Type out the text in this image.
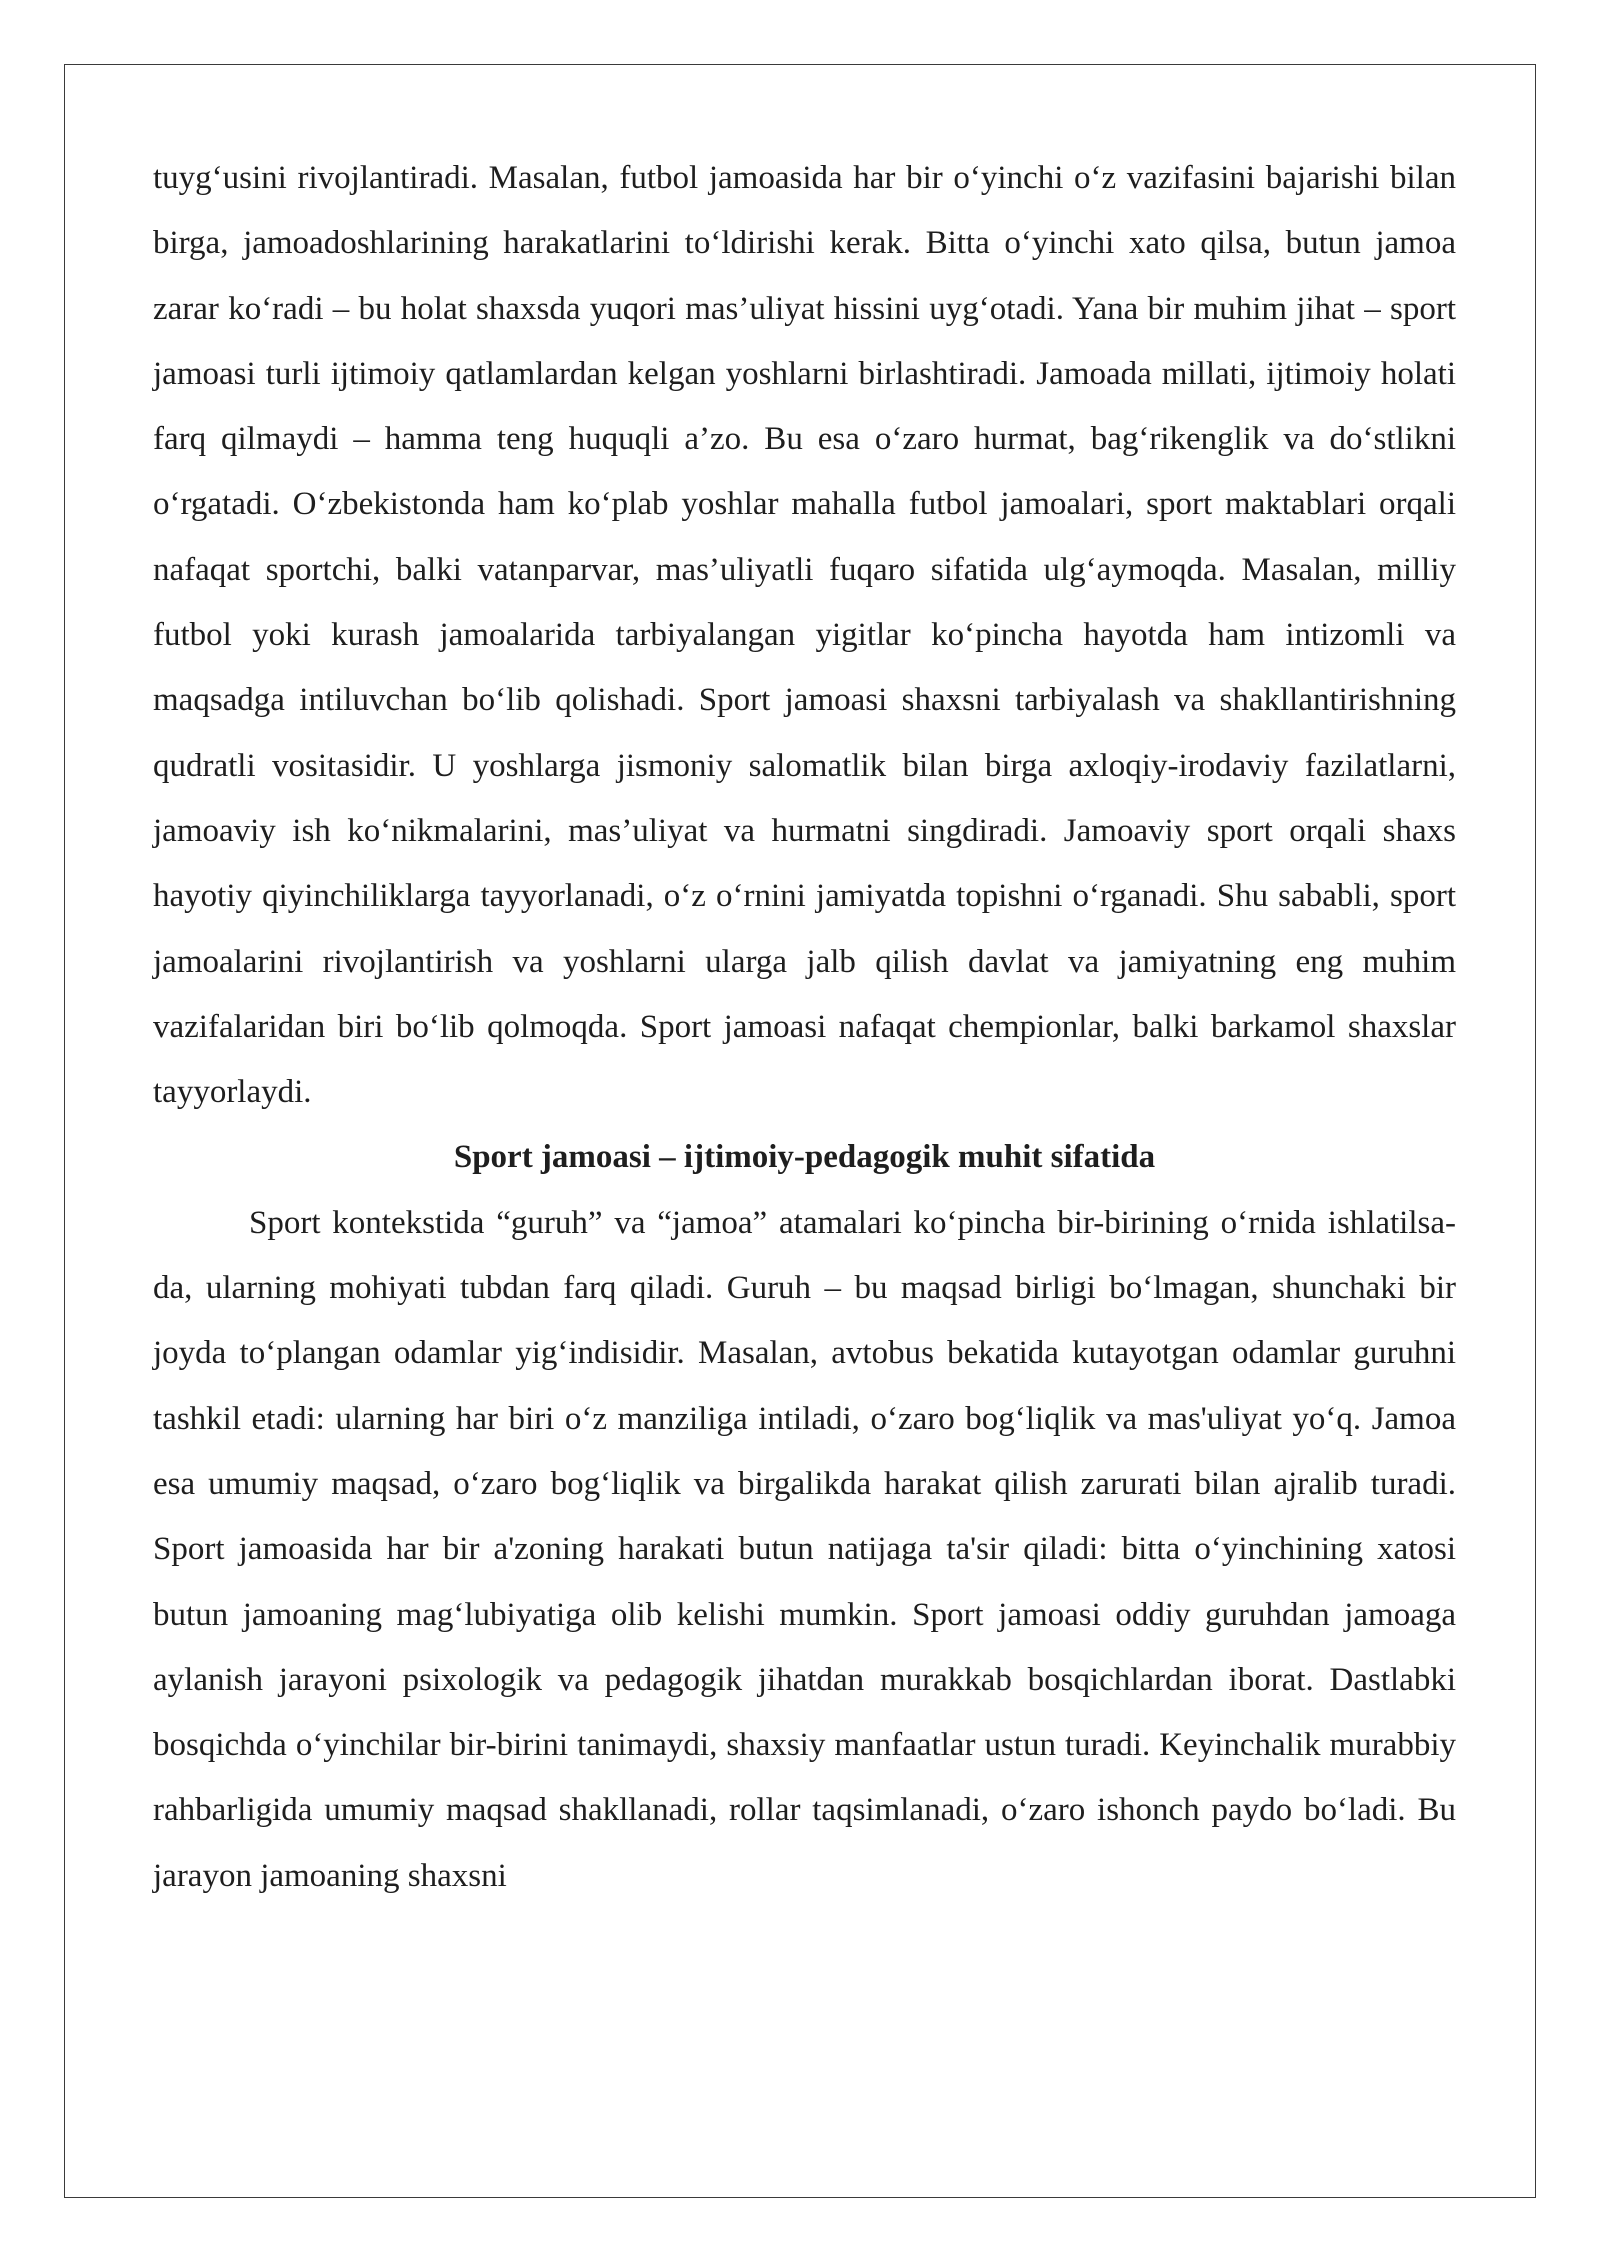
tuyg‘usini rivojlantiradi. Masalan, futbol jamoasida har bir o‘yinchi o‘z vazifasini bajarishi bilan birga, jamoadoshlarining harakatlarini to‘ldirishi kerak. Bitta o‘yinchi xato qilsa, butun jamoa zarar ko‘radi – bu holat shaxsda yuqori mas’uliyat hissini uyg‘otadi. Yana bir muhim jihat – sport jamoasi turli ijtimoiy qatlamlardan kelgan yoshlarni birlashtiradi. Jamoada millati, ijtimoiy holati farq qilmaydi – hamma teng huquqli a’zo. Bu esa o‘zaro hurmat, bag‘rikenglik va do‘stlikni o‘rgatadi. O‘zbekistonda ham ko‘plab yoshlar mahalla futbol jamoalari, sport maktablari orqali nafaqat sportchi, balki vatanparvar, mas’uliyatli fuqaro sifatida ulg‘aymoqda. Masalan, milliy futbol yoki kurash jamoalarida tarbiyalangan yigitlar ko‘pincha hayotda ham intizomli va maqsadga intiluvchan bo‘lib qolishadi. Sport jamoasi shaxsni tarbiyalash va shakllantirishning qudratli vositasidir. U yoshlarga jismoniy salomatlik bilan birga axloqiy-irodaviy fazilatlarni, jamoaviy ish ko‘nikmalarini, mas’uliyat va hurmatni singdiradi. Jamoaviy sport orqali shaxs hayotiy qiyinchiliklarga tayyorlanadi, o‘z o‘rnini jamiyatda topishni o‘rganadi. Shu sababli, sport jamoalarini rivojlantirish va yoshlarni ularga jalb qilish davlat va jamiyatning eng muhim vazifalaridan biri bo‘lib qolmoqda. Sport jamoasi nafaqat chempionlar, balki barkamol shaxslar tayyorlaydi.

Sport jamoasi – ijtimoiy-pedagogik muhit sifatida

Sport kontekstida “guruh” va “jamoa” atamalari ko‘pincha bir-birining o‘rnida ishlatilsa-da, ularning mohiyati tubdan farq qiladi. Guruh – bu maqsad birligi bo‘lmagan, shunchaki bir joyda to‘plangan odamlar yig‘indisidir. Masalan, avtobus bekatida kutayotgan odamlar guruhni tashkil etadi: ularning har biri o‘z manziliga intiladi, o‘zaro bog‘liqlik va mas'uliyat yo‘q. Jamoa esa umumiy maqsad, o‘zaro bog‘liqlik va birgalikda harakat qilish zarurati bilan ajralib turadi. Sport jamoasida har bir a'zoning harakati butun natijaga ta'sir qiladi: bitta o‘yinchining xatosi butun jamoaning mag‘lubiyatiga olib kelishi mumkin. Sport jamoasi oddiy guruhdan jamoaga aylanish jarayoni psixologik va pedagogik jihatdan murakkab bosqichlardan iborat. Dastlabki bosqichda o‘yinchilar bir-birini tanimaydi, shaxsiy manfaatlar ustun turadi. Keyinchalik murabbiy rahbarligida umumiy maqsad shakllanadi, rollar taqsimlanadi, o‘zaro ishonch paydo bo‘ladi. Bu jarayon jamoaning shaxsni
